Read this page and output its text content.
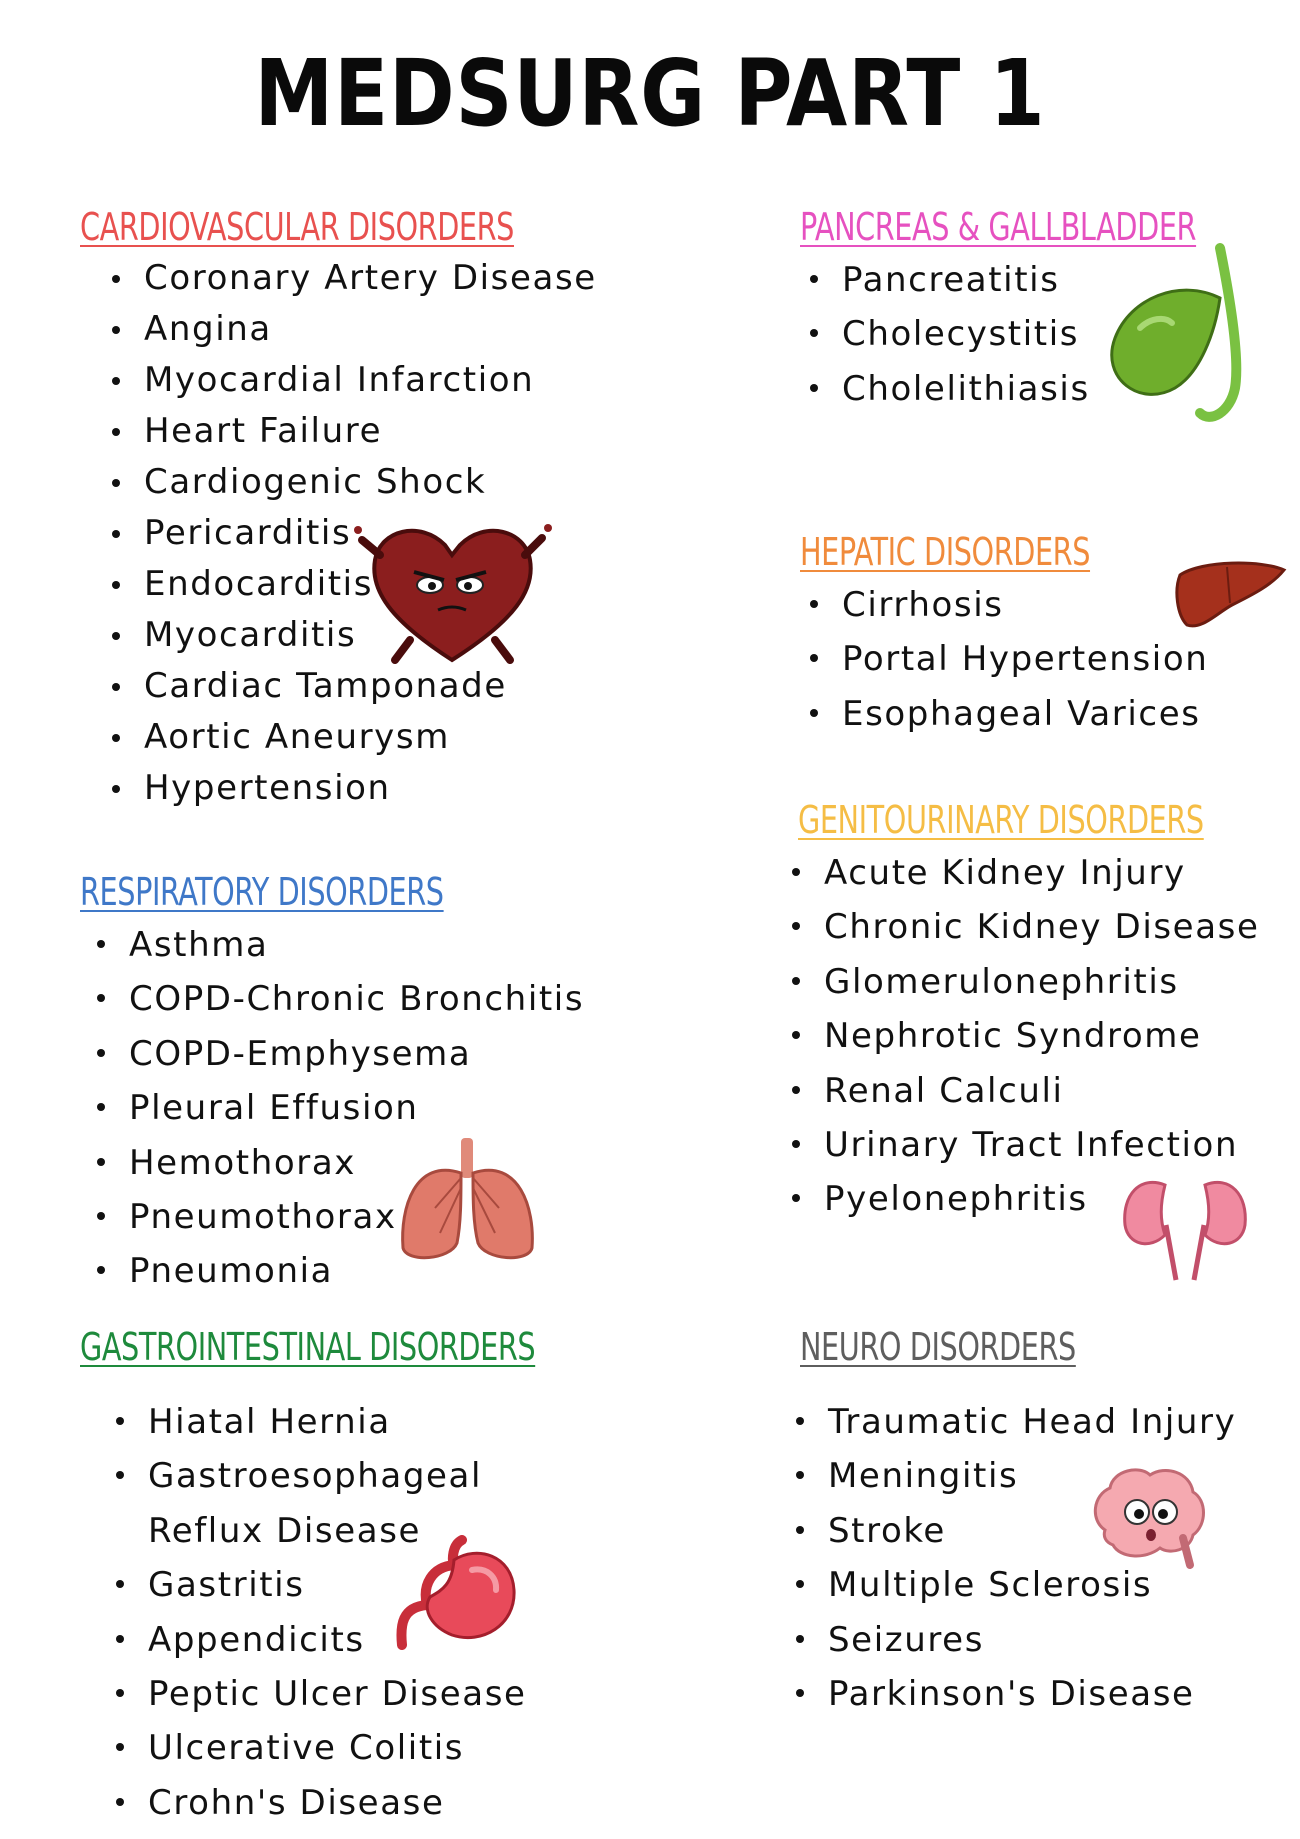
MEDSURG PART 1
CARDIOVASCULAR DISORDERS
Coronary Artery Disease
Angina
Myocardial Infarction
Heart Failure
Cardiogenic Shock
Pericarditis
Endocarditis
Myocarditis
Cardiac Tamponade
Aortic Aneurysm
Hypertension
PANCREAS & GALLBLADDER
Pancreatitis
Cholecystitis
Cholelithiasis
HEPATIC DISORDERS
Cirrhosis
Portal Hypertension
Esophageal Varices
GENITOURINARY DISORDERS
Acute Kidney Injury
Chronic Kidney Disease
Glomerulonephritis
Nephrotic Syndrome
Renal Calculi
Urinary Tract Infection
Pyelonephritis
RESPIRATORY DISORDERS
Asthma
COPD-Chronic Bronchitis
COPD-Emphysema
Pleural Effusion
Hemothorax
Pneumothorax
Pneumonia
GASTROINTESTINAL DISORDERS
Hiatal Hernia
Gastroesophageal
Reflux Disease
Gastritis
Appendicits
Peptic Ulcer Disease
Ulcerative Colitis
Crohn's Disease
NEURO DISORDERS
Traumatic Head Injury
Meningitis
Stroke
Multiple Sclerosis
Seizures
Parkinson's Disease
